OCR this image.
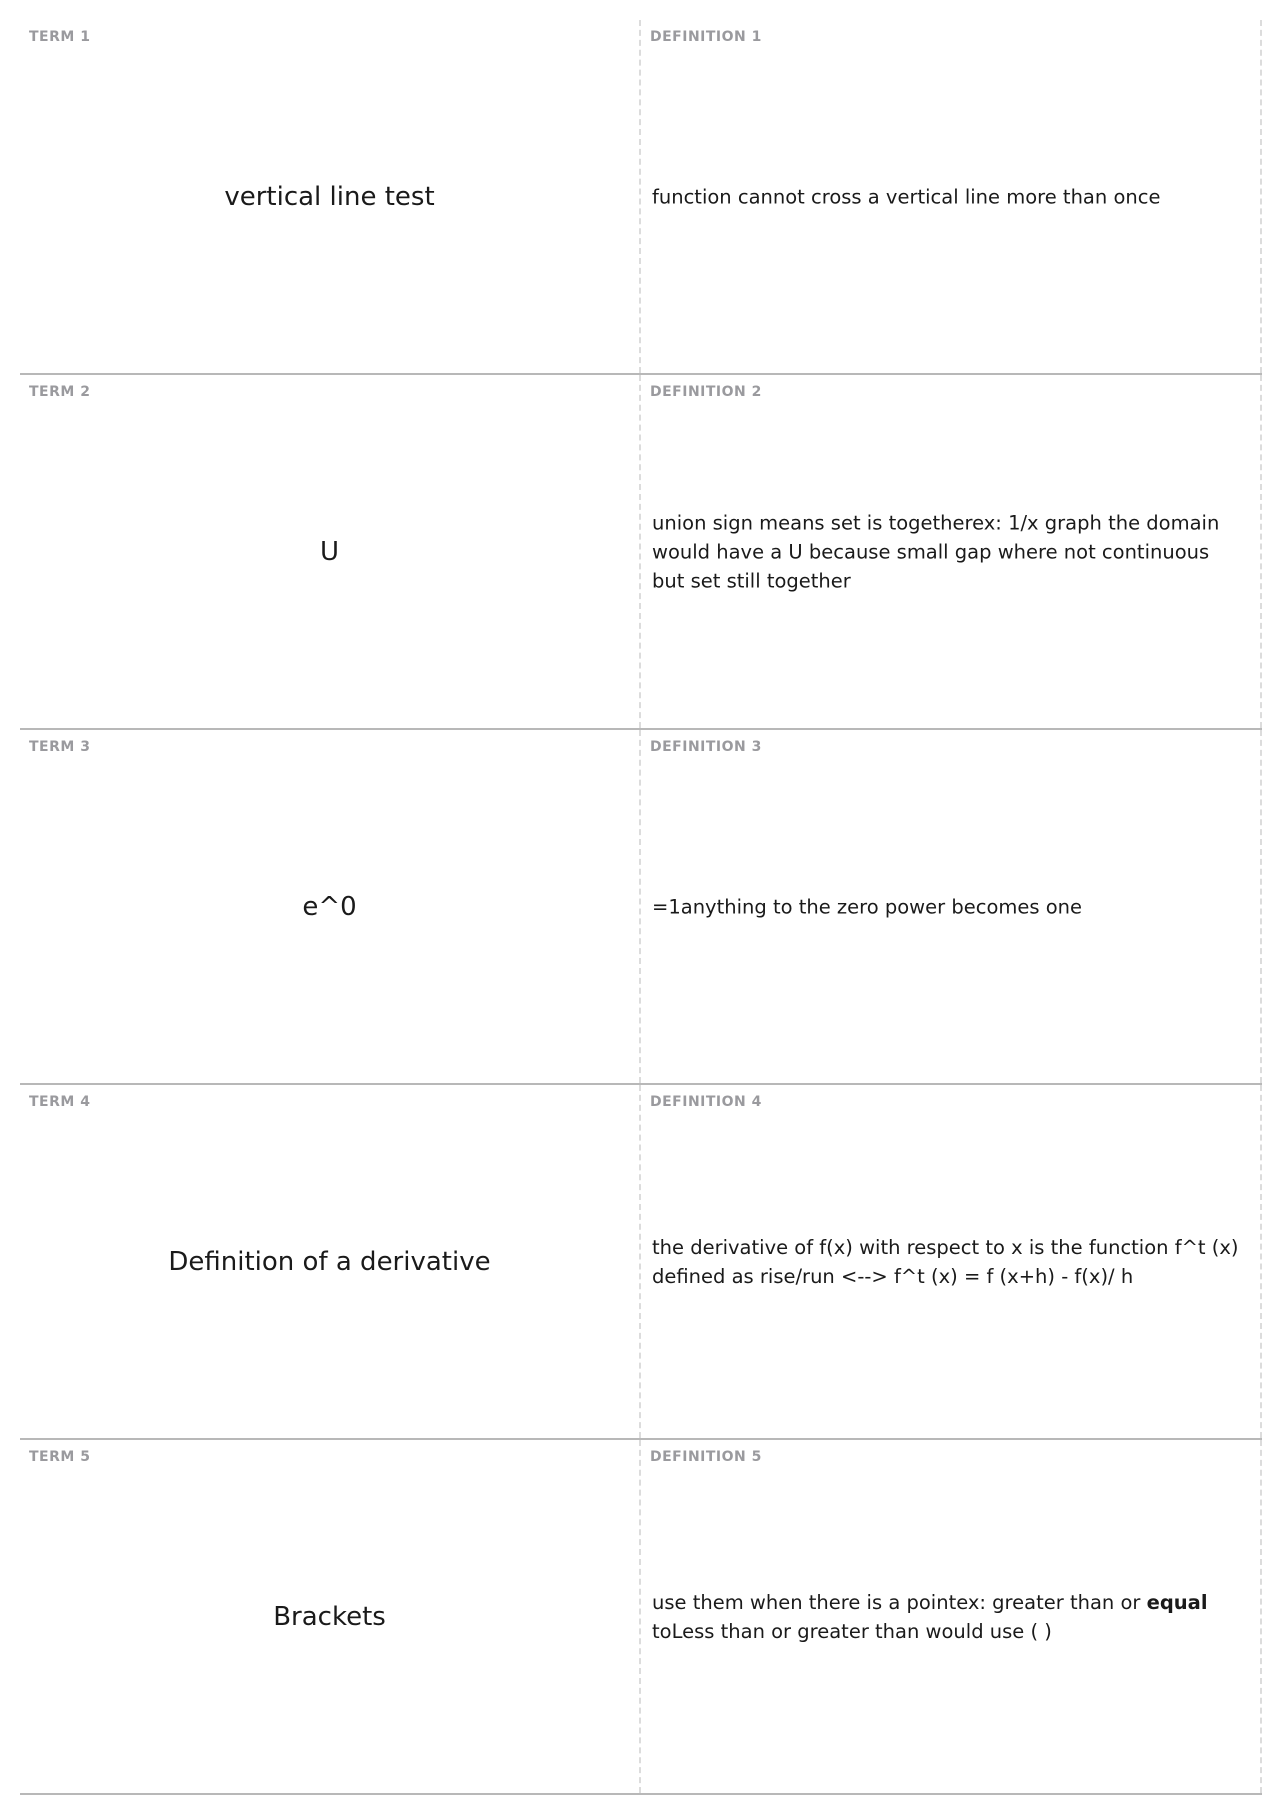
TERM 1
vertical line test
DEFINITION 1
function cannot cross a vertical line more than once
TERM 2
U
DEFINITION 2
union sign means set is togetherex: 1/x graph the domain would have a U because small gap where not continuous but set still together
TERM 3
e^0
DEFINITION 3
=1anything to the zero power becomes one
TERM 4
Definition of a derivative
DEFINITION 4
the derivative of f(x) with respect to x is the function f^t (x) defined as rise/run <--> f^t (x) = f (x+h) - f(x)/ h
TERM 5
Brackets
DEFINITION 5
use them when there is a pointex: greater than or equal toLess than or greater than would use ( )
